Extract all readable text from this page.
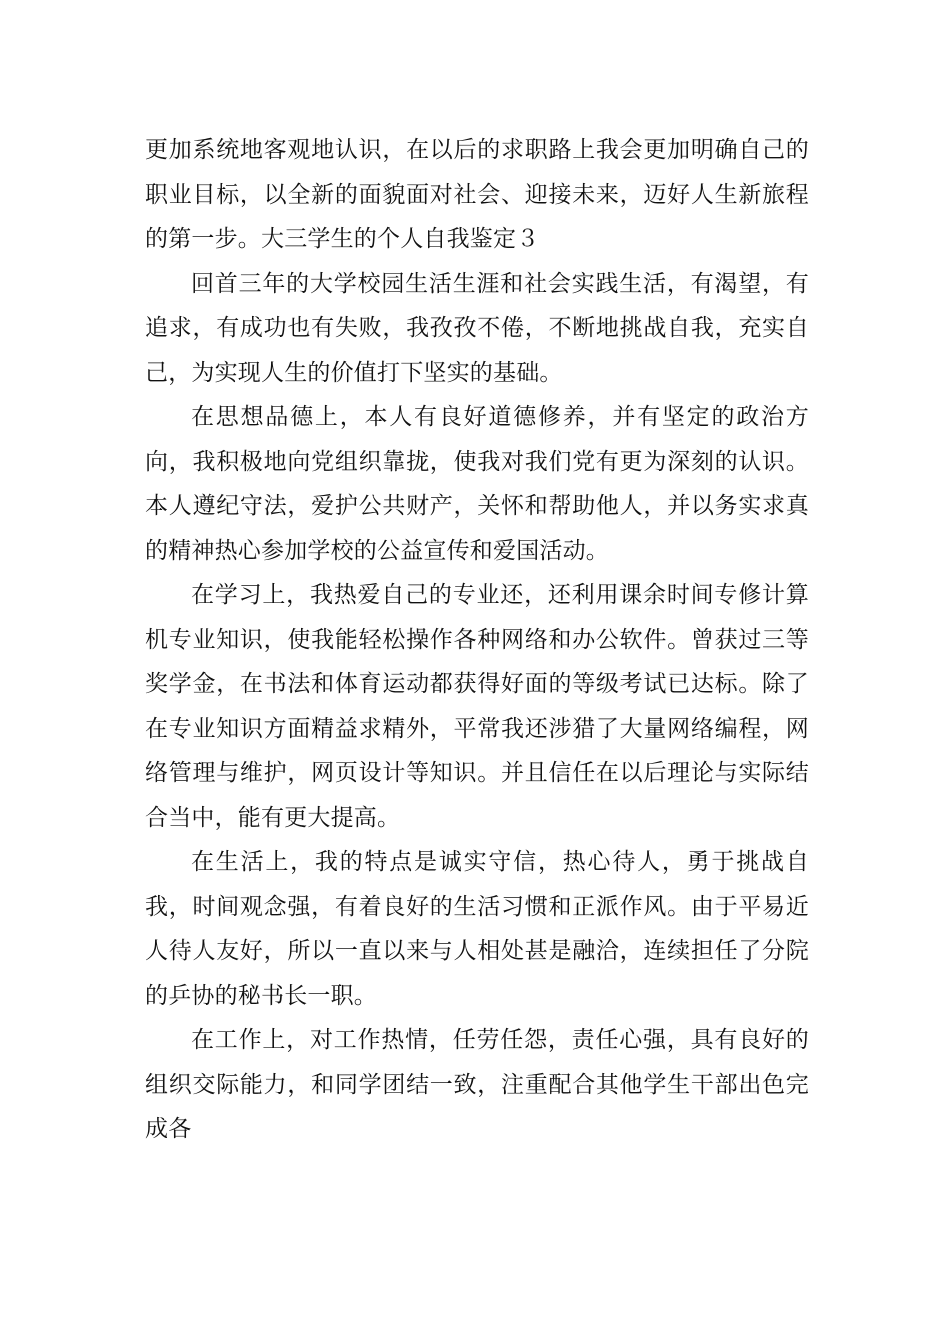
更加系统地客观地认识，在以后的求职路上我会更加明确自己的职业目标，以全新的面貌面对社会、迎接未来，迈好人生新旅程的第一步。大三学生的个人自我鉴定３

回首三年的大学校园生活生涯和社会实践生活，有渴望，有追求，有成功也有失败，我孜孜不倦，不断地挑战自我，充实自己，为实现人生的价值打下坚实的基础。

在思想品德上，本人有良好道德修养，并有坚定的政治方向，我积极地向党组织靠拢，使我对我们党有更为深刻的认识。本人遵纪守法，爱护公共财产，关怀和帮助他人，并以务实求真的精神热心参加学校的公益宣传和爱国活动。

在学习上，我热爱自己的专业还，还利用课余时间专修计算机专业知识，使我能轻松操作各种网络和办公软件。曾获过三等奖学金，在书法和体育运动都获得好面的等级考试已达标。除了在专业知识方面精益求精外，平常我还涉猎了大量网络编程，网络管理与维护，网页设计等知识。并且信任在以后理论与实际结合当中，能有更大提高。

在生活上，我的特点是诚实守信，热心待人，勇于挑战自我，时间观念强，有着良好的生活习惯和正派作风。由于平易近人待人友好，所以一直以来与人相处甚是融洽，连续担任了分院的乒协的秘书长一职。

在工作上，对工作热情，任劳任怨，责任心强，具有良好的组织交际能力，和同学团结一致，注重配合其他学生干部出色完成各
